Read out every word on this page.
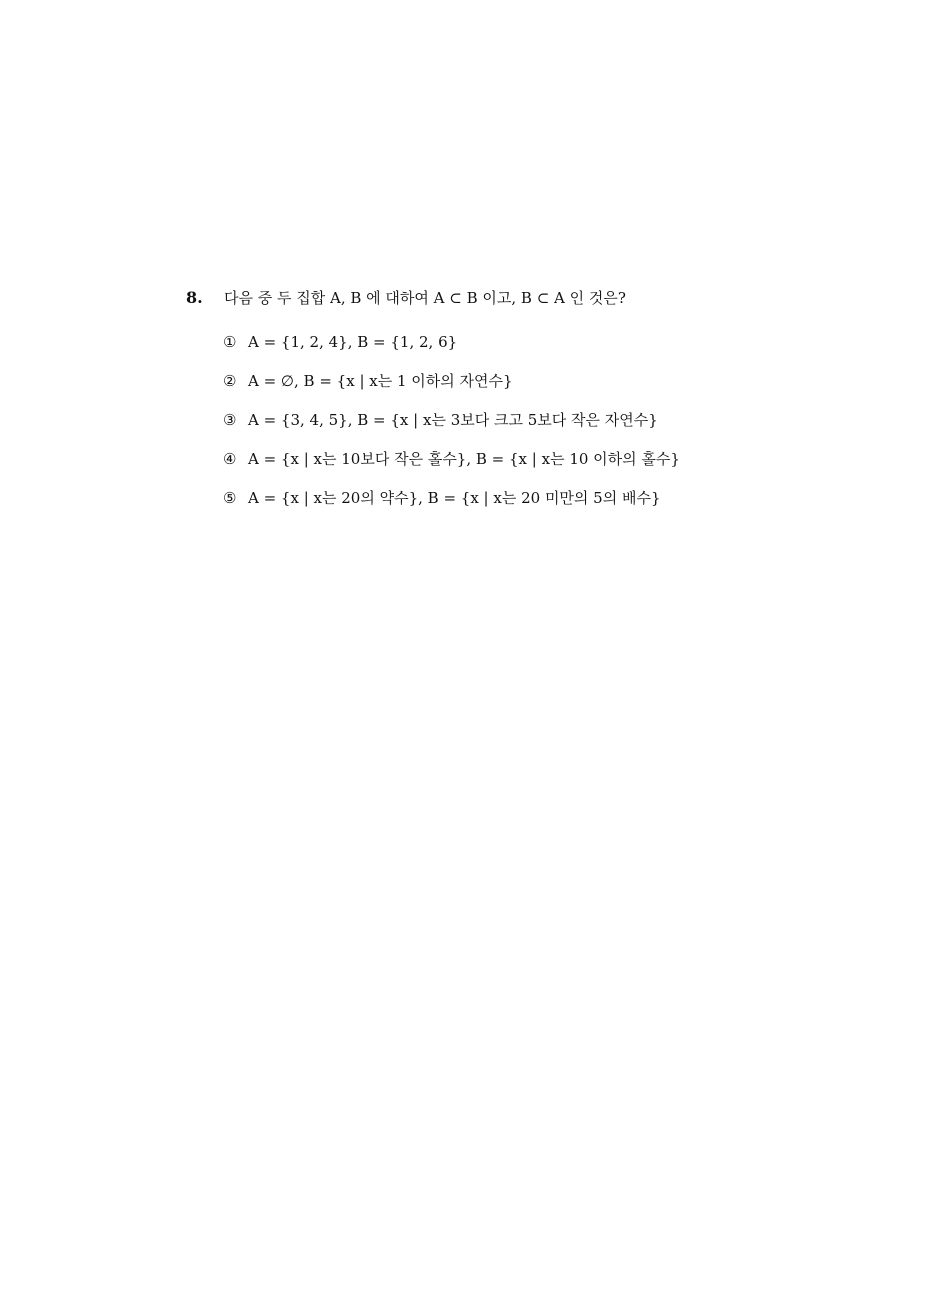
8.	다음 중 두 집합 A, B 에 대하여 A ⊂ B 이고, B ⊂ A 인 것은?
① A = {1, 2, 4}, B = {1, 2, 6}
② A = ∅, B = {x | x는 1 이하의 자연수}
③ A = {3, 4, 5}, B = {x | x는 3보다 크고 5보다 작은 자연수}
④ A = {x | x는 10보다 작은 홀수}, B = {x | x는 10 이하의 홀수}
⑤ A = {x | x는 20의 약수}, B = {x | x는 20 미만의 5의 배수}
